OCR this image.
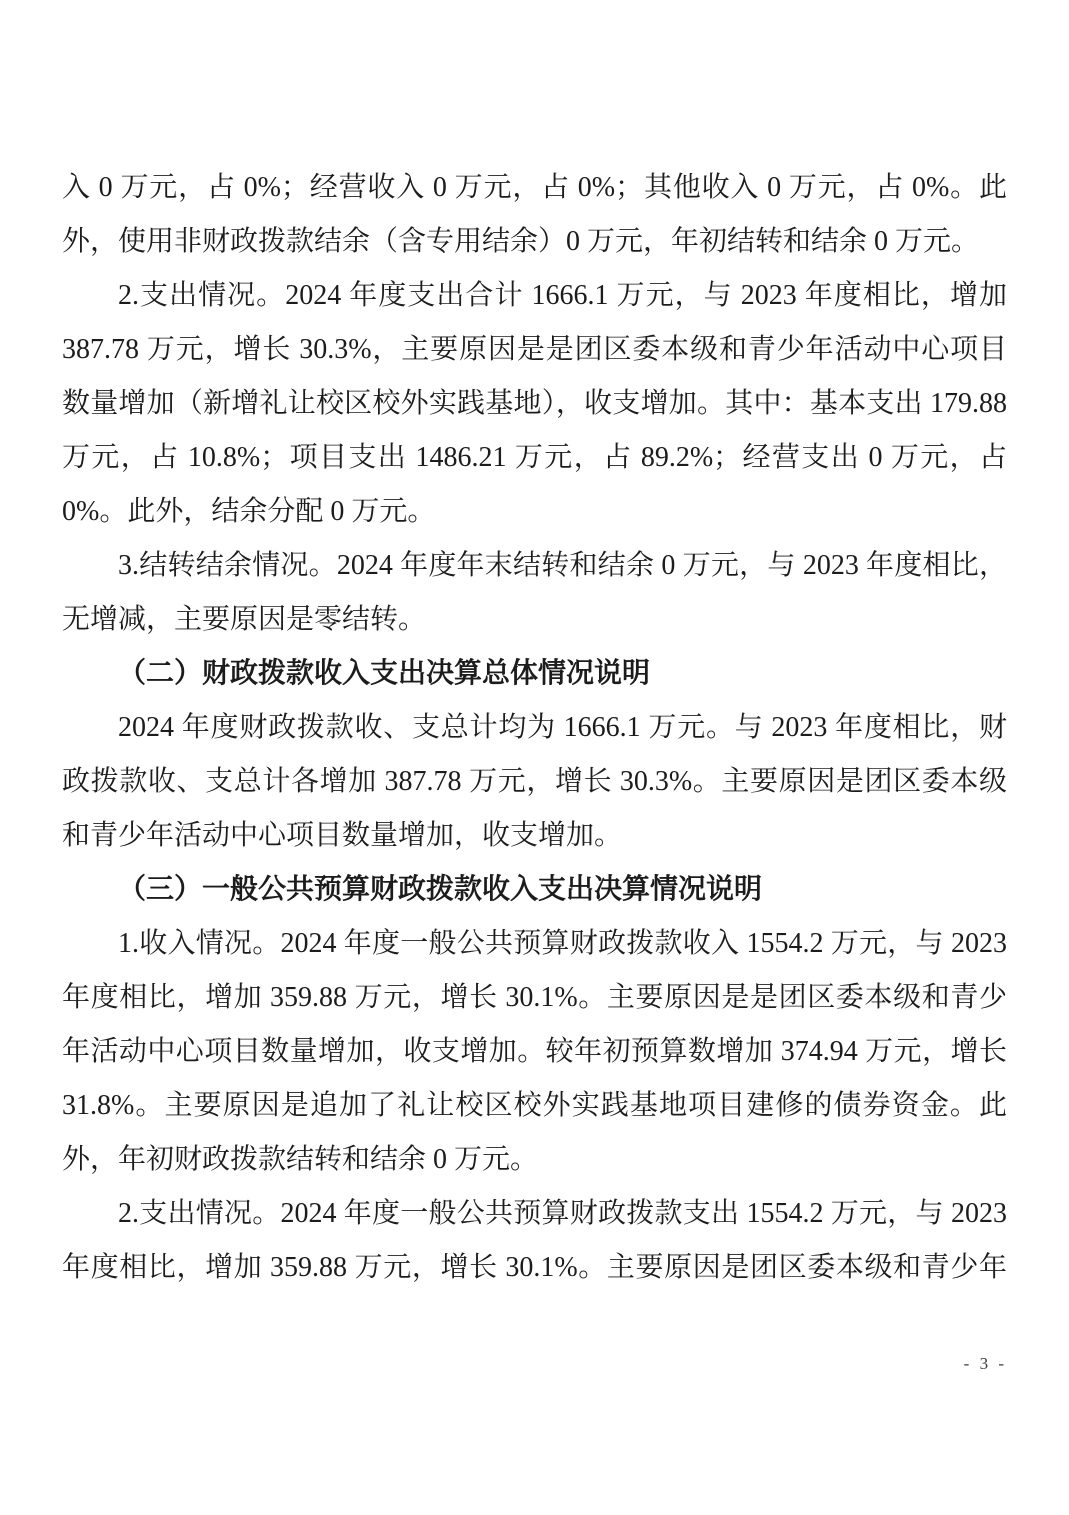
入 0 万元，占 0%；经营收入 0 万元，占 0%；其他收入 0 万元，占 0%。此
外，使用非财政拨款结余（含专用结余）0 万元，年初结转和结余 0 万元。
2.支出情况。2024 年度支出合计 1666.1 万元，与 2023 年度相比，增加
387.78 万元，增长 30.3%，主要原因是是团区委本级和青少年活动中心项目
数量增加（新增礼让校区校外实践基地），收支增加。其中：基本支出 179.88
万元，占 10.8%；项目支出 1486.21 万元，占 89.2%；经营支出 0 万元，占
0%。此外，结余分配 0 万元。
3.结转结余情况。2024 年度年末结转和结余 0 万元，与 2023 年度相比，
无增减，主要原因是零结转。
（二）财政拨款收入支出决算总体情况说明
2024 年度财政拨款收、支总计均为 1666.1 万元。与 2023 年度相比，财
政拨款收、支总计各增加 387.78 万元，增长 30.3%。主要原因是团区委本级
和青少年活动中心项目数量增加，收支增加。
（三）一般公共预算财政拨款收入支出决算情况说明
1.收入情况。2024 年度一般公共预算财政拨款收入 1554.2 万元，与 2023
年度相比，增加 359.88 万元，增长 30.1%。主要原因是是团区委本级和青少
年活动中心项目数量增加，收支增加。较年初预算数增加 374.94 万元，增长
31.8%。主要原因是追加了礼让校区校外实践基地项目建修的债券资金。此
外，年初财政拨款结转和结余 0 万元。
2.支出情况。2024 年度一般公共预算财政拨款支出 1554.2 万元，与 2023
年度相比，增加 359.88 万元，增长 30.1%。主要原因是团区委本级和青少年
- 3 -
